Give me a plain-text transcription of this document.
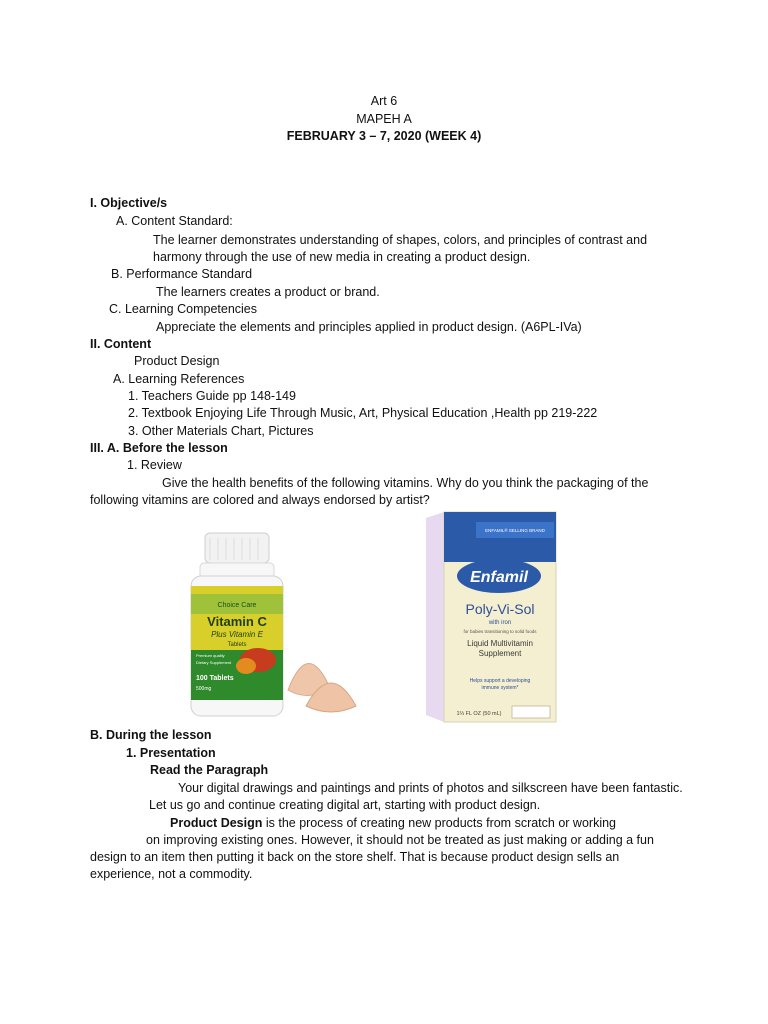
Art 6
MAPEH A
FEBRUARY 3 – 7, 2020 (WEEK 4)
I. Objective/s
A. Content Standard:
The learner demonstrates understanding of shapes, colors, and principles of contrast and
harmony through the use of new media in creating a product design.
B. Performance Standard
The learners creates a product or brand.
C. Learning Competencies
Appreciate the elements and principles applied in product design. (A6PL-IVa)
II. Content
Product Design
A. Learning References
1. Teachers Guide pp 148-149
2. Textbook Enjoying Life Through Music, Art, Physical Education ,Health pp 219-222
3. Other Materials Chart, Pictures
III. A. Before the lesson
1. Review
Give the health benefits of the following vitamins. Why do you think the packaging of the
following vitamins are colored and always endorsed by artist?
Choice Care
Vitamin C
Plus Vitamin E
Tablets
Premium quality
Dietary Supplement
100 Tablets
500mg
ENFAMIL® SELLING BRAND
Enfamil
Poly-Vi-Sol
with iron
for babies transitioning to solid foods
Liquid Multivitamin
Supplement
Helps support a developing
immune system*
1⅔ FL OZ (50 mL)
B. During the lesson
1. Presentation
Read the Paragraph
Your digital drawings and paintings and prints of photos and silkscreen have been fantastic.
Let us go and continue creating digital art, starting with product design.
Product Design is the process of creating new products from scratch or working
on improving existing ones. However, it should not be treated as just making or adding a fun
design to an item then putting it back on the store shelf. That is because product design sells an
experience, not a commodity.
